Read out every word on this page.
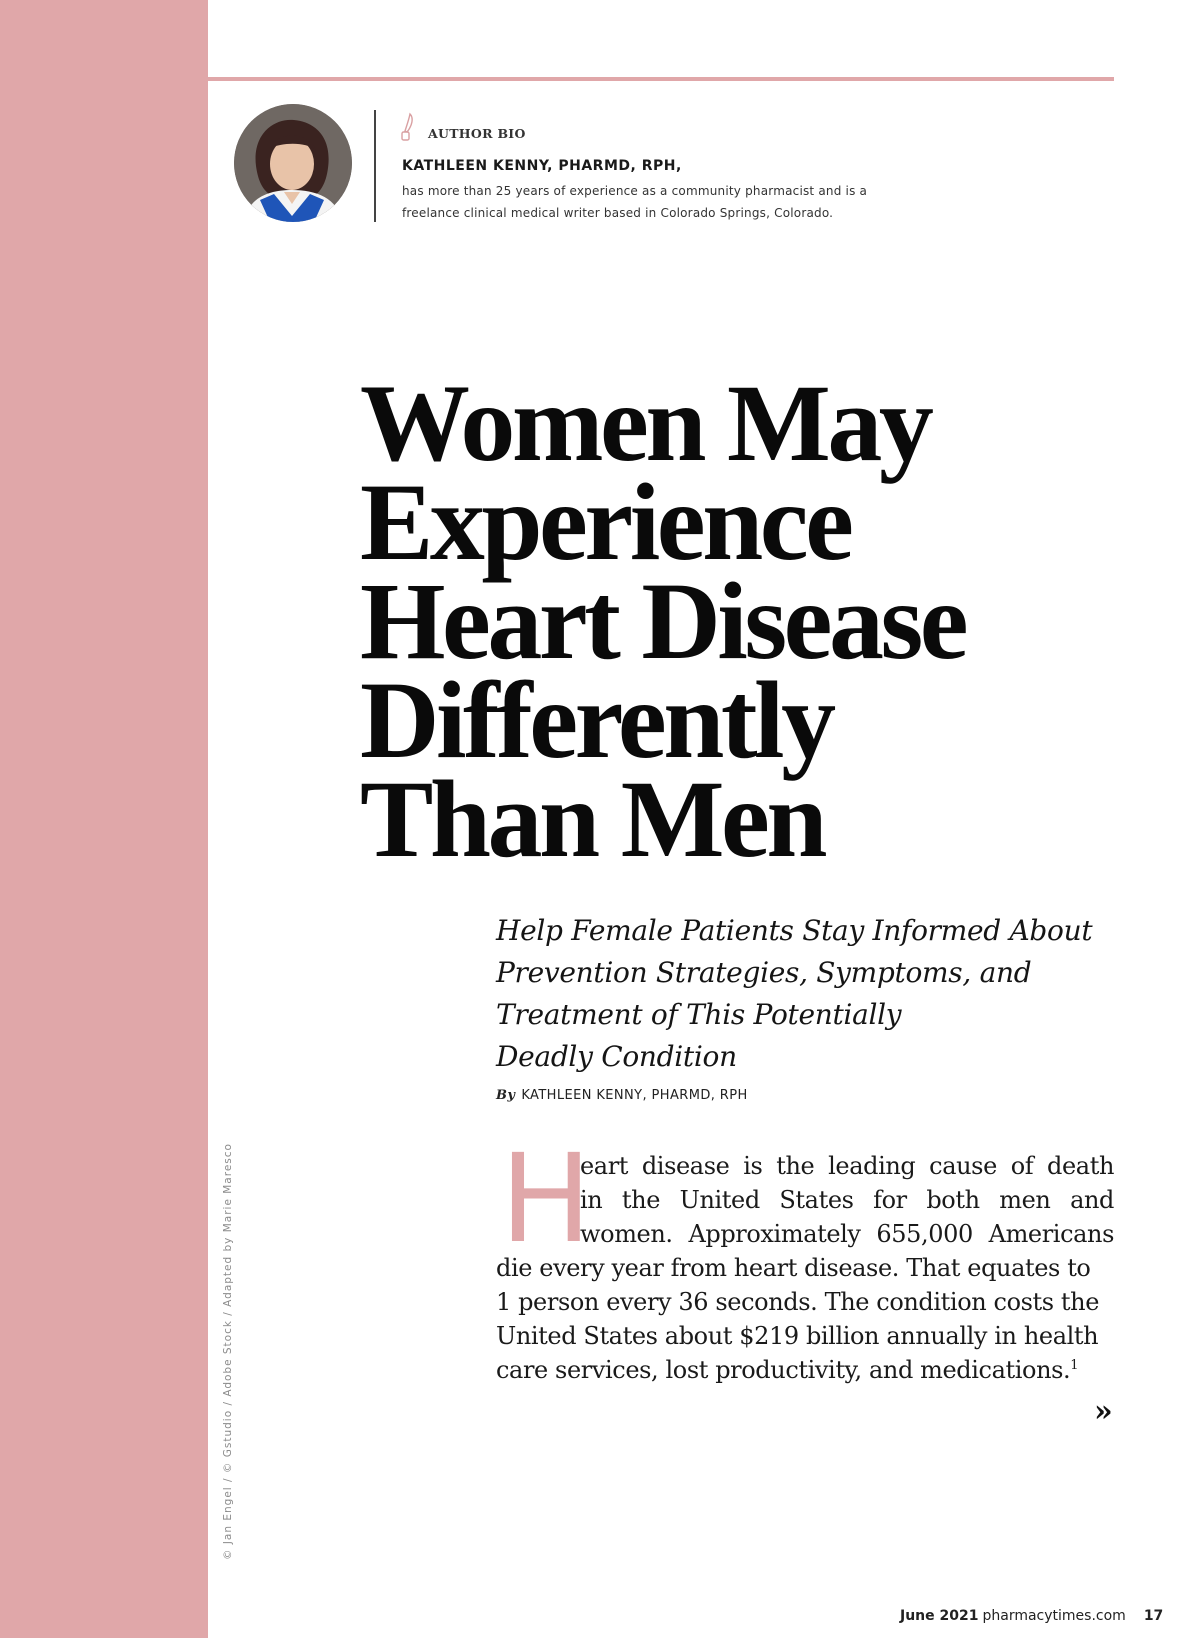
© Jan Engel / © Gstudio / Adobe Stock / Adapted by Marie Maresco
AUTHOR BIO
KATHLEEN KENNY, PHARMD, RPH,
has more than 25 years of experience as a community pharmacist and is a
freelance clinical medical writer based in Colorado Springs, Colorado.
Women May
Experience
Heart Disease
Differently
Than Men
Help Female Patients Stay Informed About
Prevention Strategies, Symptoms, and
Treatment of This Potentially
Deadly Condition
By KATHLEEN KENNY, PHARMD, RPH
H
eart disease is the leading cause of death
in the United States for both men and
women. Approximately 655,000 Americans
die every year from heart disease. That equates to
1 person every 36 seconds. The condition costs the
United States about $219 billion annually in health
care services, lost productivity, and medications.$^1$
»
June 2021 pharmacytimes.com 17
